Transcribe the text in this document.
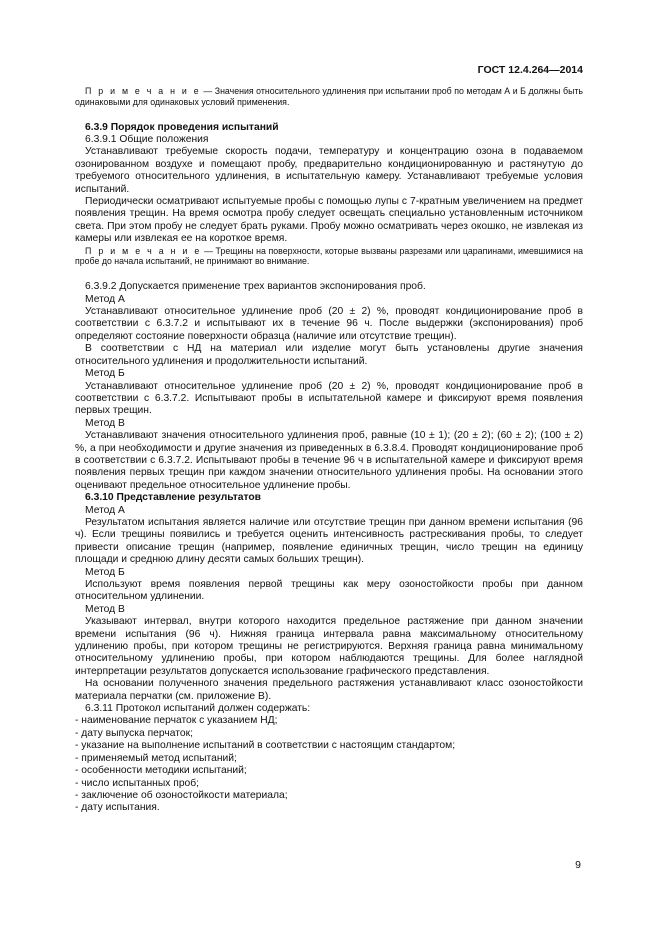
ГОСТ 12.4.264—2014

П р и м е ч а н и е — Значения относительного удлинения при испытании проб по методам А и Б должны быть одинаковыми для одинаковых условий применения.

6.3.9 Порядок проведения испытаний

6.3.9.1 Общие положения

Устанавливают требуемые скорость подачи, температуру и концентрацию озона в подаваемом озонированном воздухе и помещают пробу, предварительно кондиционированную и растянутую до требуемого относительного удлинения, в испытательную камеру. Устанавливают требуемые условия испытаний.

Периодически осматривают испытуемые пробы с помощью лупы с 7-кратным увеличением на предмет появления трещин. На время осмотра пробу следует освещать специально установленным источником света. При этом пробу не следует брать руками. Пробу можно осматривать через окошко, не извлекая из камеры или извлекая ее на короткое время.

П р и м е ч а н и е — Трещины на поверхности, которые вызваны разрезами или царапинами, имевшимися на пробе до начала испытаний, не принимают во внимание.

6.3.9.2 Допускается применение трех вариантов экспонирования проб.

Метод А

Устанавливают относительное удлинение проб (20 ± 2) %, проводят кондиционирование проб в соответствии с 6.3.7.2 и испытывают их в течение 96 ч. После выдержки (экспонирования) проб определяют состояние поверхности образца (наличие или отсутствие трещин).

В соответствии с НД на материал или изделие могут быть установлены другие значения относительного удлинения и продолжительности испытаний.

Метод Б

Устанавливают относительное удлинение проб (20 ± 2) %, проводят кондиционирование проб в соответствии с 6.3.7.2. Испытывают пробы в испытательной камере и фиксируют время появления первых трещин.

Метод В

Устанавливают значения относительного удлинения проб, равные (10 ± 1); (20 ± 2); (60 ± 2); (100 ± 2) %, а при необходимости и другие значения из приведенных в 6.3.8.4. Проводят кондиционирование проб в соответствии с 6.3.7.2. Испытывают пробы в течение 96 ч в испытательной камере и фиксируют время появления первых трещин при каждом значении относительного удлинения пробы. На основании этого оценивают предельное относительное удлинение пробы.

6.3.10 Представление результатов

Метод А

Результатом испытания является наличие или отсутствие трещин при данном времени испытания (96 ч). Если трещины появились и требуется оценить интенсивность растрескивания пробы, то следует привести описание трещин (например, появление единичных трещин, число трещин на единицу площади и среднюю длину десяти самых больших трещин).

Метод Б

Используют время появления первой трещины как меру озоностойкости пробы при данном относительном удлинении.

Метод В

Указывают интервал, внутри которого находится предельное растяжение при данном значении времени испытания (96 ч). Нижняя граница интервала равна максимальному относительному удлинению пробы, при котором трещины не регистрируются. Верхняя граница равна минимальному относительному удлинению пробы, при котором наблюдаются трещины. Для более наглядной интерпретации результатов допускается использование графического представления.

На основании полученного значения предельного растяжения устанавливают класс озоностойкости материала перчатки (см. приложение В).

6.3.11 Протокол испытаний должен содержать:

- наименование перчаток с указанием НД;

- дату выпуска перчаток;

- указание на выполнение испытаний в соответствии с настоящим стандартом;

- применяемый метод испытаний;

- особенности методики испытаний;

- число испытанных проб;

- заключение об озоностойкости материала;

- дату испытания.

9
